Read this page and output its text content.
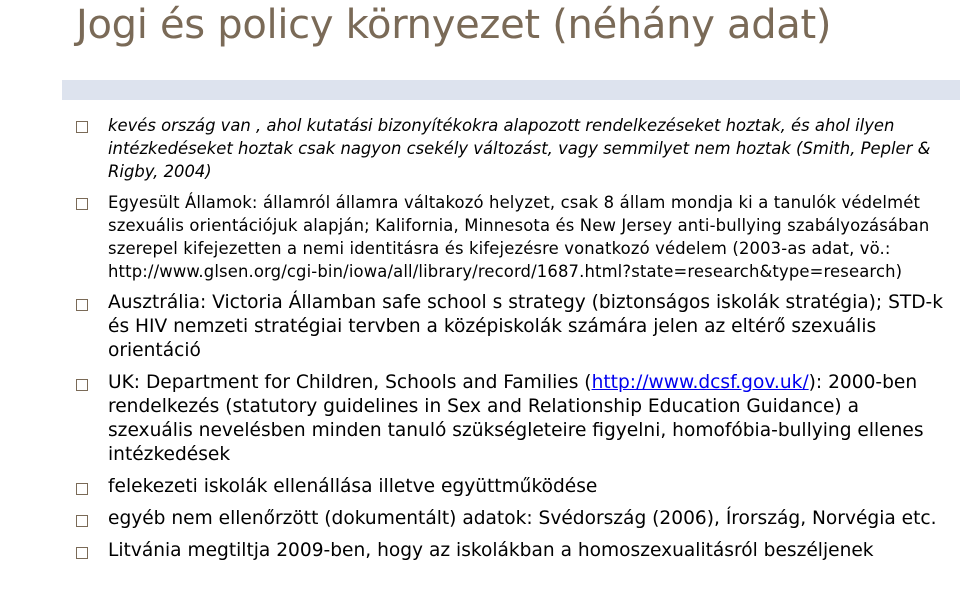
Jogi és policy környezet (néhány adat)
kevés ország van , ahol kutatási bizonyítékokra alapozott rendelkezéseket hoztak, és ahol ilyen intézkedéseket hoztak csak nagyon csekély változást, vagy semmilyet nem hoztak (Smith, Pepler & Rigby, 2004)
Egyesült Államok: államról államra váltakozó helyzet, csak 8 állam mondja ki a tanulók védelmét szexuális orientációjuk alapján; Kalifornia, Minnesota és New Jersey anti-bullying szabályozásában szerepel kifejezetten a nemi identitásra és kifejezésre vonatkozó védelem (2003-as adat, vö.: http://www.glsen.org/cgi-bin/iowa/all/library/record/1687.html?state=research&type=research)
Ausztrália: Victoria Államban safe school s strategy (biztonságos iskolák stratégia); STD-k és HIV nemzeti stratégiai tervben a középiskolák számára jelen az eltérő szexuális orientáció
UK: Department for Children, Schools and Families (http://www.dcsf.gov.uk/): 2000-ben rendelkezés (statutory guidelines in Sex and Relationship Education Guidance) a szexuális nevelésben minden tanuló szükségleteire figyelni, homofóbia-bullying ellenes intézkedések
felekezeti iskolák ellenállása illetve együttműködése
egyéb nem ellenőrzött (dokumentált) adatok: Svédország (2006), Írország, Norvégia etc.
Litvánia megtiltja 2009-ben, hogy az iskolákban a homoszexualitásról beszéljenek
